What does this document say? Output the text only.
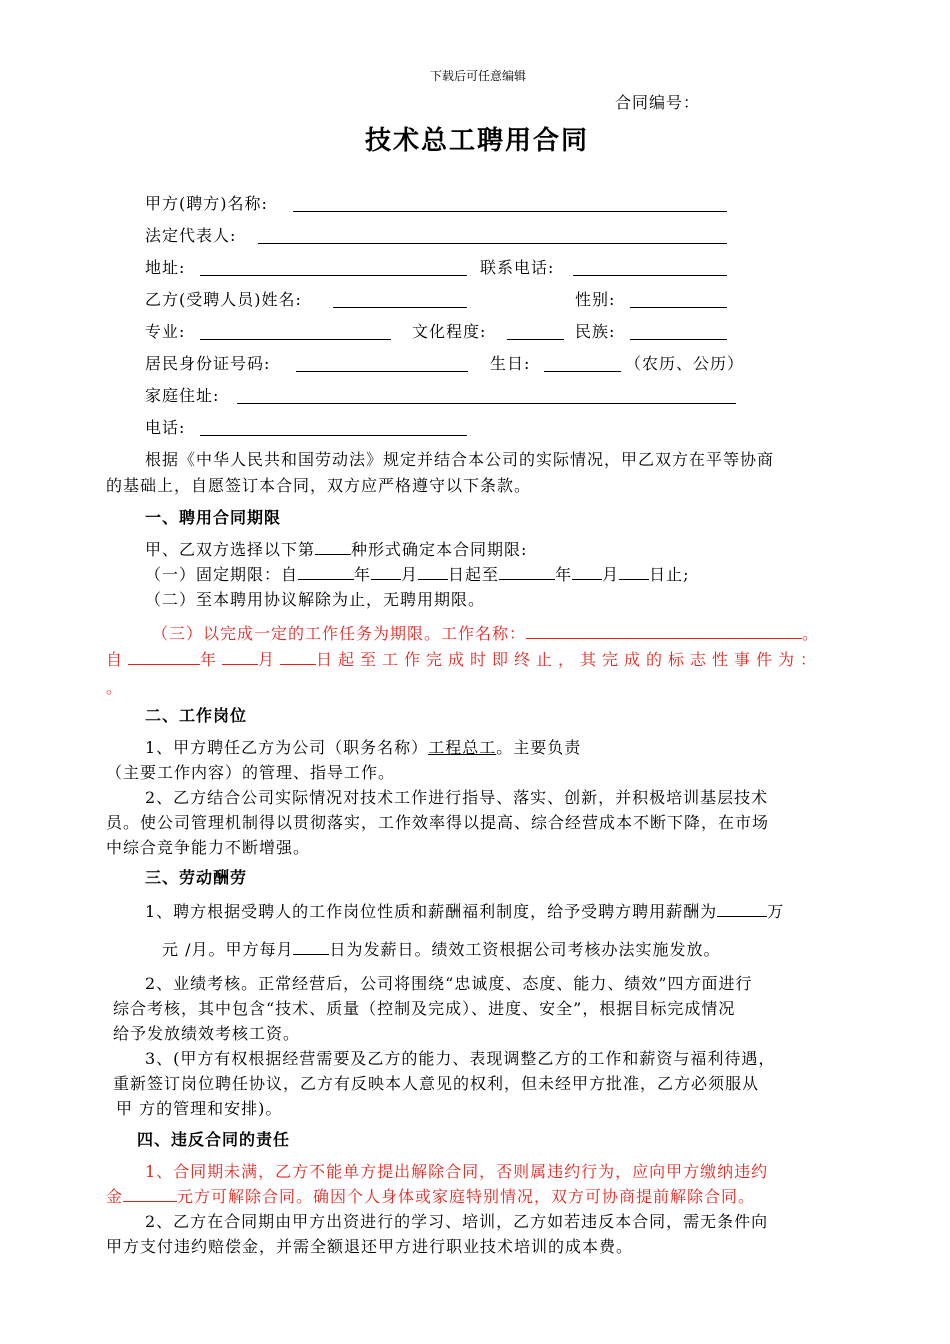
下载后可任意编辑
合同编号：
技术总工聘用合同
甲方(聘方)名称:
法定代表人:
地址:	联系电话:
乙方(受聘人员)姓名:	性别:
专业:	文化程度:	民族:
居民身份证号码:	生日:	（农历、公历）
家庭住址:
电话:
根据《中华人民共和国劳动法》规定并结合本公司的实际情况，甲乙双方在平等协商
的基础上，自愿签订本合同，双方应严格遵守以下条款。
一、聘用合同期限
甲、乙双方选择以下第 种形式确定本合同期限:
（一）固定期限：自	年 月 日起至	年 月 日止;
（二）至本聘用协议解除为止，无聘用期限。
（三）以完成一定的工作任务为期限。工作名称：	。
自	年 月 日起至工作完成时即终止，其完成的标志性事件为：
。
二、工作岗位
1、甲方聘任乙方为公司（职务名称）工程总工。主要负责
（主要工作内容）的管理、指导工作。
2、乙方结合公司实际情况对技术工作进行指导、落实、创新，并积极培训基层技术
员。使公司管理机制得以贯彻落实，工作效率得以提高、综合经营成本不断下降，在市场
中综合竞争能力不断增强。
三、劳动酬劳
1、聘方根据受聘人的工作岗位性质和薪酬福利制度，给予受聘方聘用薪酬为	万
元 /月。甲方每月 日为发薪日。绩效工资根据公司考核办法实施发放。
2、业绩考核。正常经营后，公司将围绕“忠诚度、态度、能力、绩效”四方面进行
综合考核，其中包含“技术、质量（控制及完成）、进度、安全”，根据目标完成情况
给予发放绩效考核工资。
3、(甲方有权根据经营需要及乙方的能力、表现调整乙方的工作和薪资与福利待遇，
重新签订岗位聘任协议，乙方有反映本人意见的权利，但未经甲方批准，乙方必须服从
甲 方的管理和安排)。
四、违反合同的责任
1、合同期未满，乙方不能单方提出解除合同，否则属违约行为，应向甲方缴纳违约
金	元方可解除合同。确因个人身体或家庭特别情况，双方可协商提前解除合同。
2、乙方在合同期由甲方出资进行的学习、培训，乙方如若违反本合同，需无条件向
甲方支付违约赔偿金，并需全额退还甲方进行职业技术培训的成本费。
